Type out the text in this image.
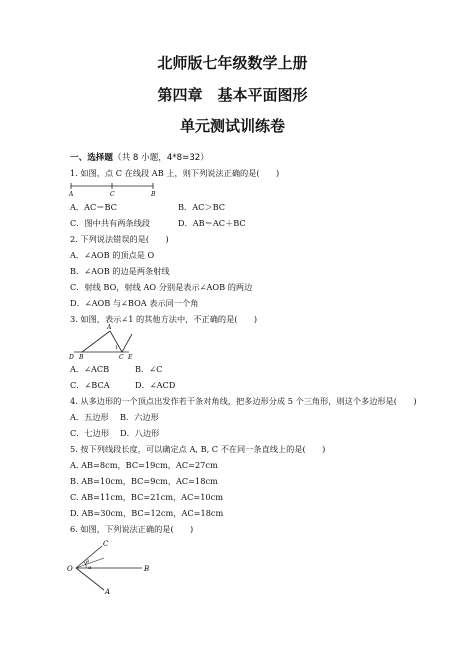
北师版七年级数学上册
第四章　基本平面图形
单元测试训练卷
一、选择题（共 8 小题，4*8=32）
1. 如图，点 C 在线段 AB 上，则下列说法正确的是(　　)
A	C	B
A．AC＝BC	B．AC＞BC
C．图中共有两条线段	D．AB＝AC＋BC
2. 下列说法错误的是(　　)
A．∠AOB 的顶点是 O
B．∠AOB 的边是两条射线
C．射线 BO，射线 AO 分别是表示∠AOB 的两边
D．∠AOB 与∠BOA 表示同一个角
3. 如图，表示∠1 的其他方法中，不正确的是(　　)
A
D B	C E
1
A．∠ACB	B．∠C
C．∠BCA	D．∠ACD
4. 从多边形的一个顶点出发作若干条对角线，把多边形分成 5 个三角形，则这个多边形是(　　)
A．五边形 B．六边形
C．七边形 D．八边形
5. 按下列线段长度，可以确定点 A, B, C 不在同一条直线上的是(　　)
A. AB=8cm，BC=19cm，AC=27cm
B. AB=10cm，BC=9cm，AC=18cm
C. AB=11cm，BC=21cm，AC=10cm
D. AB=30cm，BC=12cm，AC=18cm
6. 如图，下列说法正确的是(　　)
O
C
B
A
α
β
